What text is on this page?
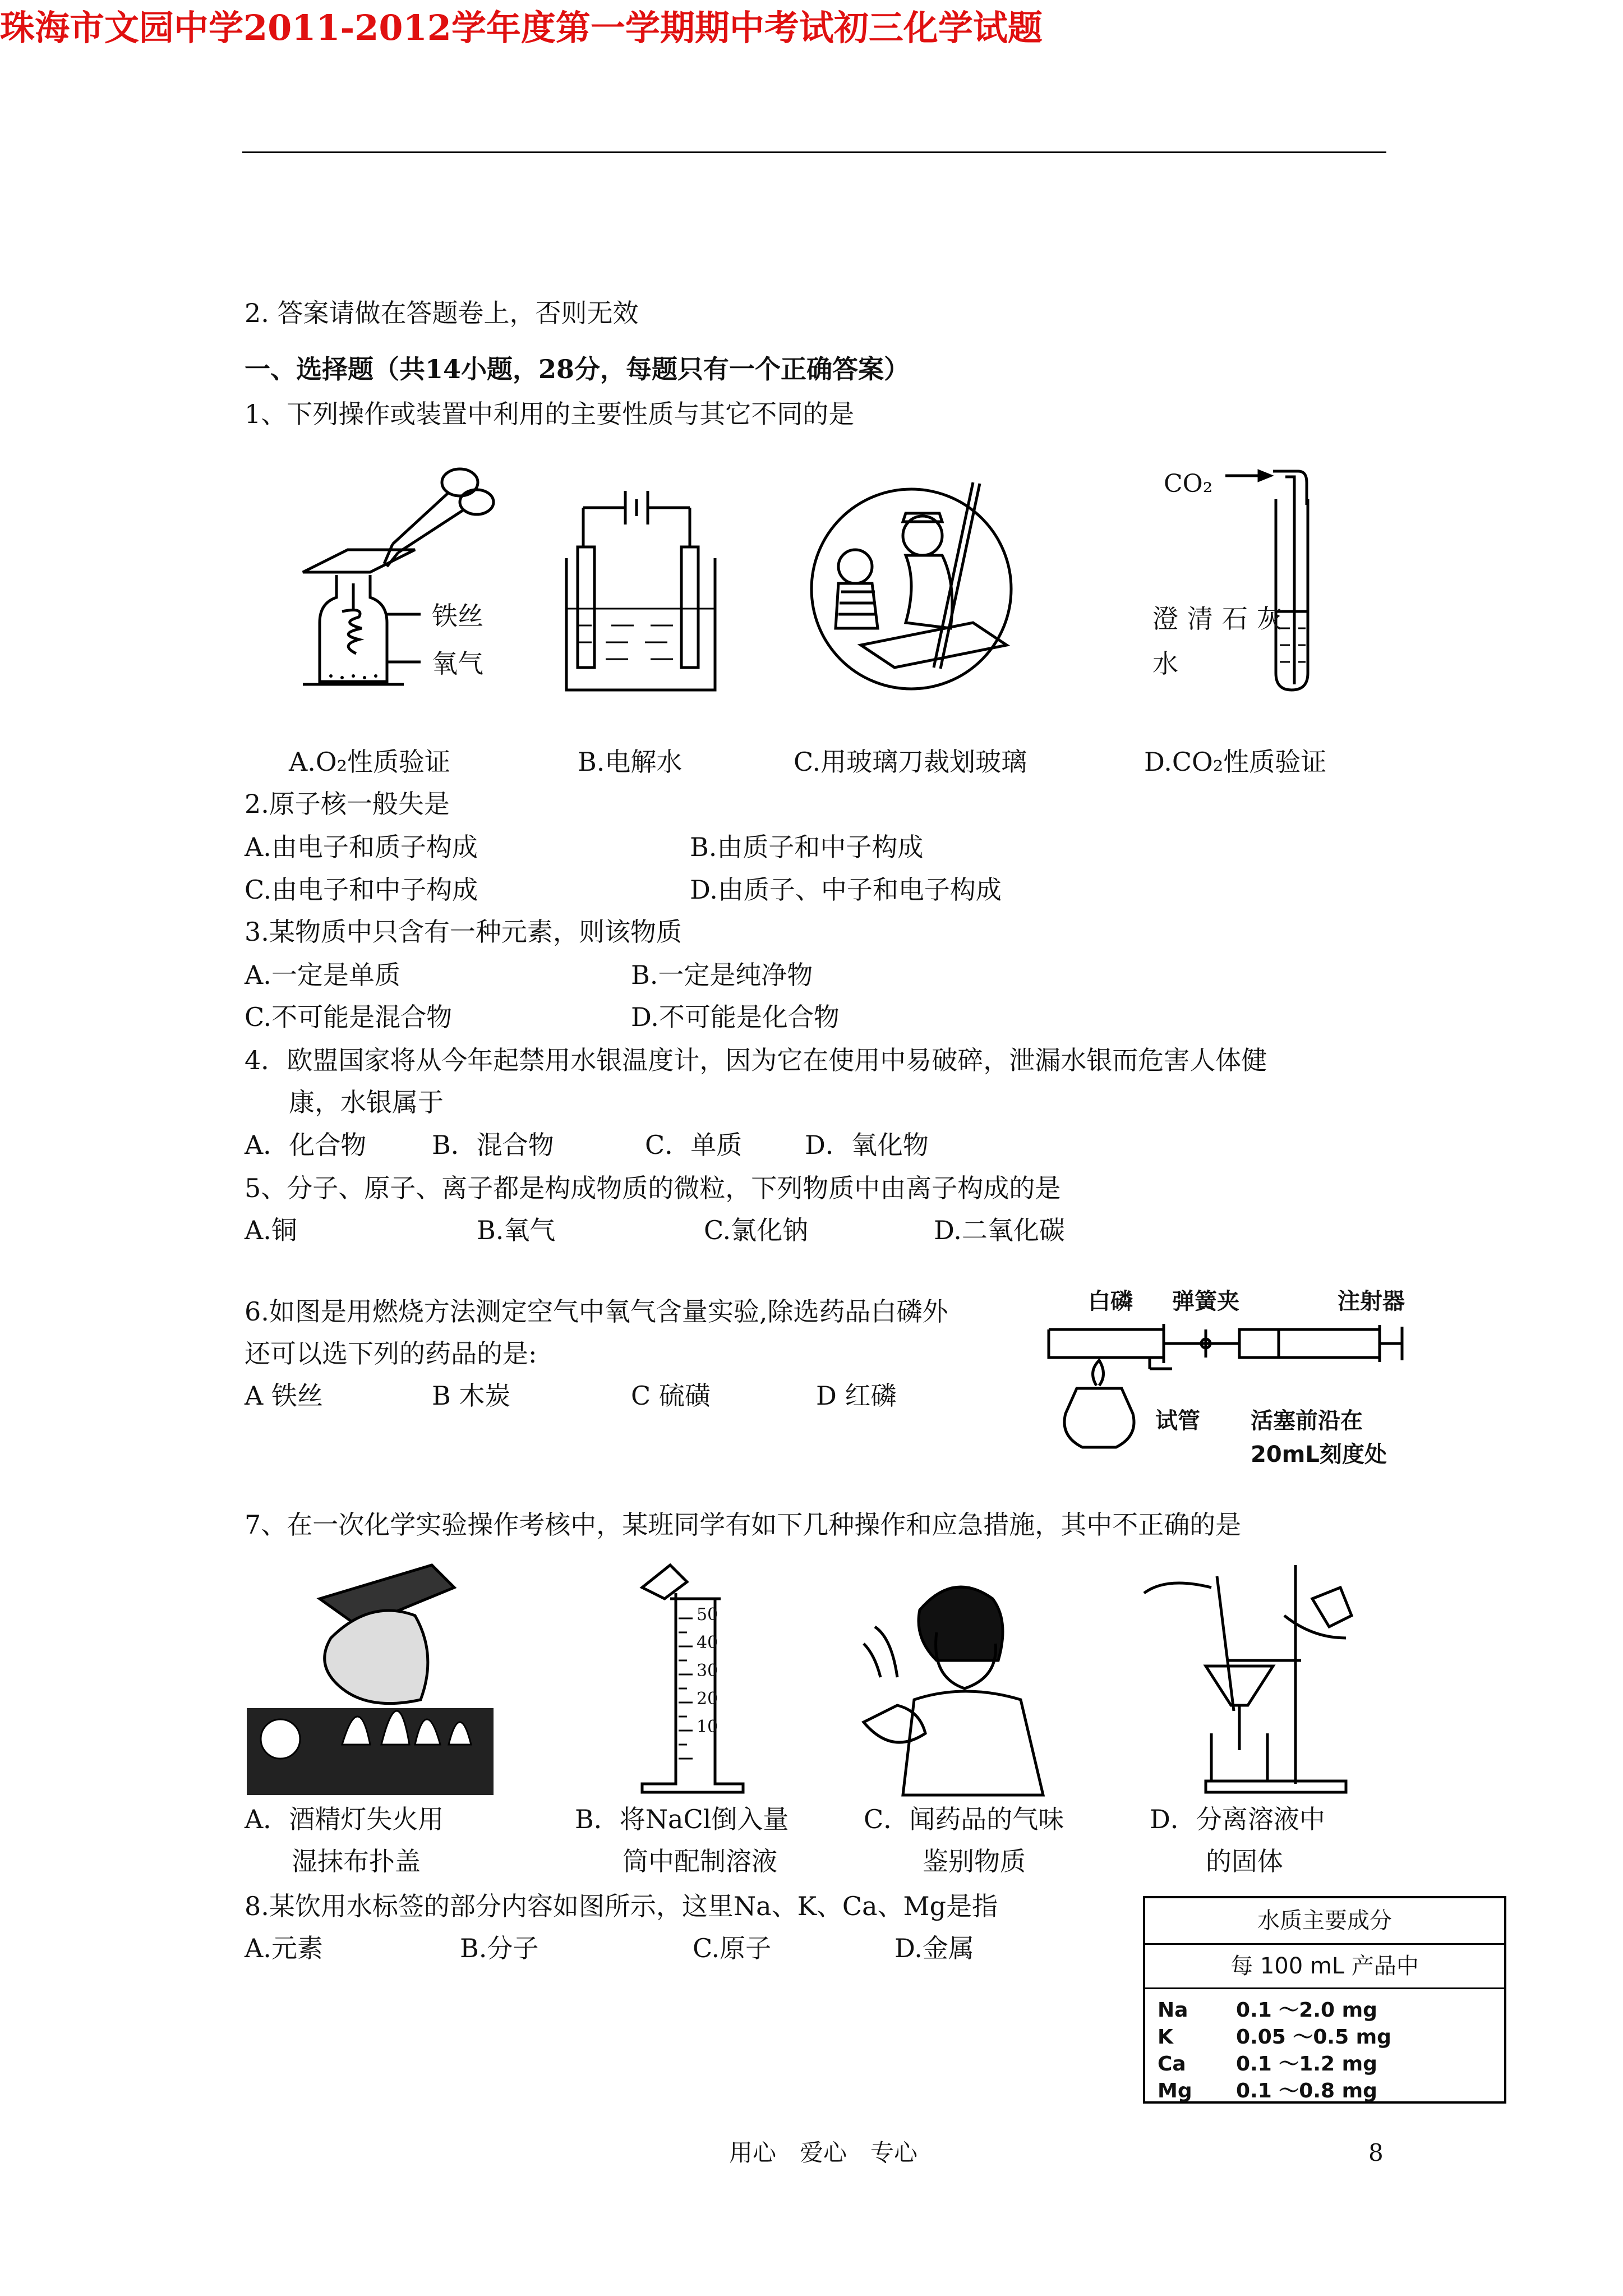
珠海市文园中学2011-2012学年度第一学期期中考试初三化学试题
2. 答案请做在答题卷上，否则无效
一、选择题（共14小题，28分，每题只有一个正确答案）
1、下列操作或装置中利用的主要性质与其它不同的是
铁丝
氧气
CO₂
澄清石灰
水
A.O₂性质验证	B.电解水	C.用玻璃刀裁划玻璃	D.CO₂性质验证
2.原子核一般失是
A.由电子和质子构成	B.由质子和中子构成
C.由电子和中子构成	D.由质子、中子和电子构成
3.某物质中只含有一种元素，则该物质
A.一定是单质	B.一定是纯净物
C.不可能是混合物	D.不可能是化合物
4．欧盟国家将从今年起禁用水银温度计，因为它在使用中易破碎，泄漏水银而危害人体健
康，水银属于
A．化合物	B．混合物	C．单质 D．氧化物
5、分子、原子、离子都是构成物质的微粒，下列物质中由离子构成的是
A.铜	B.氧气	C.氯化钠	D.二氧化碳
6.如图是用燃烧方法测定空气中氧气含量实验,除选药品白磷外
还可以选下列的药品的是:
A 铁丝	B 木炭	C 硫磺	D 红磷
白磷 弹簧夹	注射器
试管 活塞前沿在
20mL刻度处
7、在一次化学实验操作考核中，某班同学有如下几种操作和应急措施，其中不正确的是
50
40
30
20
10
A．酒精灯失火用
湿抹布扑盖
B．将NaCl倒入量
筒中配制溶液
C．闻药品的气味
鉴别物质
D．分离溶液中
的固体
8.某饮用水标签的部分内容如图所示，这里Na、K、Ca、Mg是指
A.元素	B.分子	C.原子	D.金属
水质主要成分
每 100 mL 产品中
Na 0.1 ～2.0 mg
K	0.05 ～0.5 mg
Ca 0.1 ～1.2 mg
Mg 0.1 ～0.8 mg
用心　爱心　专心	8
